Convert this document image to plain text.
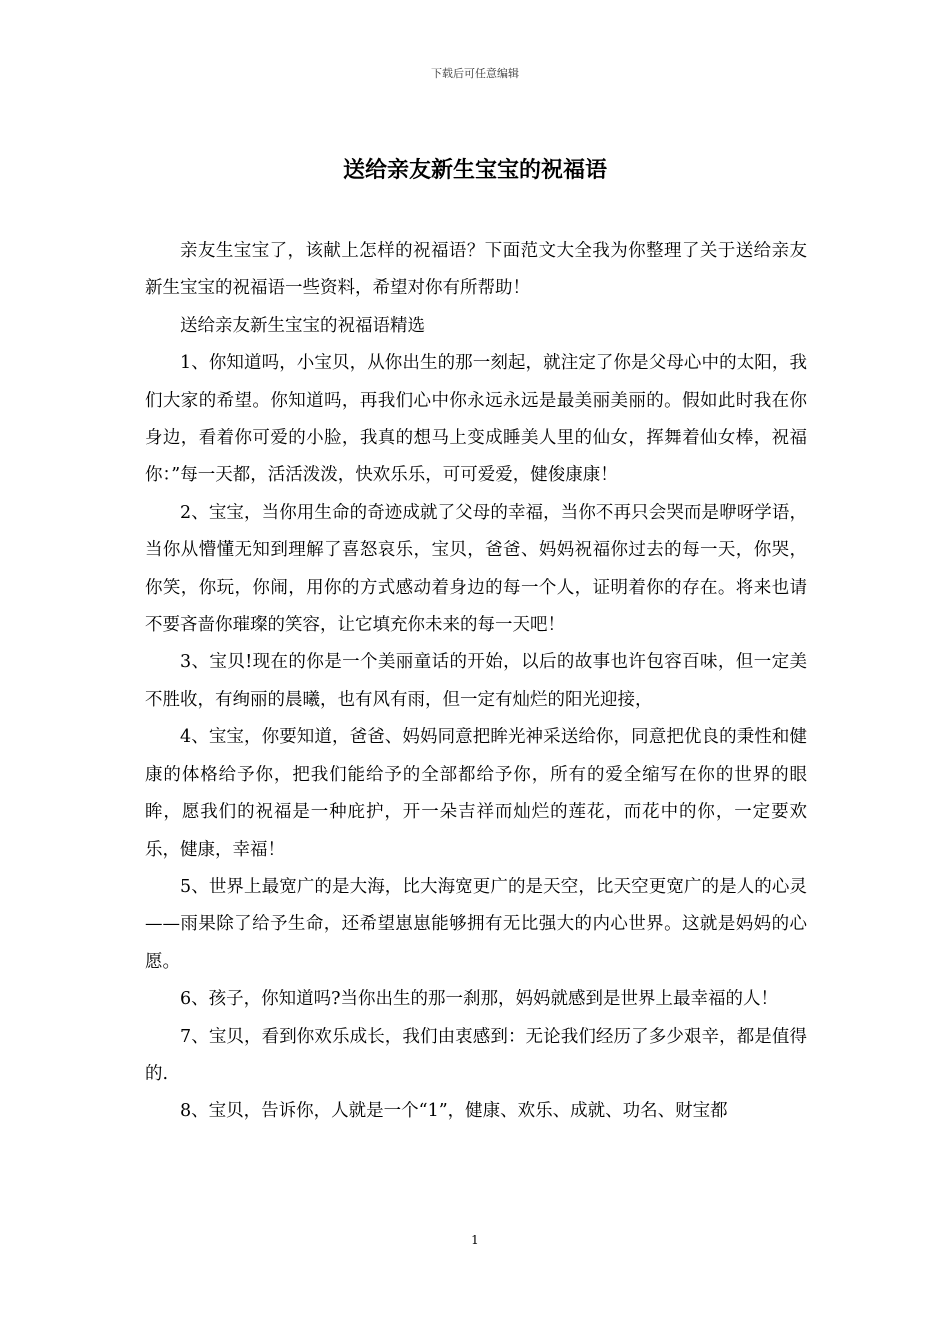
下载后可任意编辑
送给亲友新生宝宝的祝福语

亲友生宝宝了，该献上怎样的祝福语？下面范文大全我为你整理了关于送给亲友新生宝宝的祝福语一些资料，希望对你有所帮助！

送给亲友新生宝宝的祝福语精选

1、你知道吗，小宝贝，从你出生的那一刻起，就注定了你是父母心中的太阳，我们大家的希望。你知道吗，再我们心中你永远永远是最美丽美丽的。假如此时我在你身边，看着你可爱的小脸，我真的想马上变成睡美人里的仙女，挥舞着仙女棒，祝福你：”每一天都，活活泼泼，快欢乐乐，可可爱爱，健俊康康！

2、宝宝，当你用生命的奇迹成就了父母的幸福，当你不再只会哭而是咿呀学语，当你从懵懂无知到理解了喜怒哀乐，宝贝，爸爸、妈妈祝福你过去的每一天，你哭，你笑，你玩，你闹，用你的方式感动着身边的每一个人，证明着你的存在。将来也请不要吝啬你璀璨的笑容，让它填充你未来的每一天吧！

3、宝贝!现在的你是一个美丽童话的开始，以后的故事也许包容百味，但一定美不胜收，有绚丽的晨曦，也有风有雨，但一定有灿烂的阳光迎接，

4、宝宝，你要知道，爸爸、妈妈同意把眸光神采送给你，同意把优良的秉性和健康的体格给予你，把我们能给予的全部都给予你，所有的爱全缩写在你的世界的眼眸，愿我们的祝福是一种庇护，开一朵吉祥而灿烂的莲花，而花中的你，一定要欢乐，健康，幸福！

5、世界上最宽广的是大海，比大海宽更广的是天空，比天空更宽广的是人的心灵——雨果除了给予生命，还希望崽崽能够拥有无比强大的内心世界。这就是妈妈的心愿。

6、孩子，你知道吗?当你出生的那一刹那，妈妈就感到是世界上最幸福的人！

7、宝贝，看到你欢乐成长，我们由衷感到：无论我们经历了多少艰辛，都是值得的.

8、宝贝，告诉你，人就是一个“1”，健康、欢乐、成就、功名、财宝都

1
